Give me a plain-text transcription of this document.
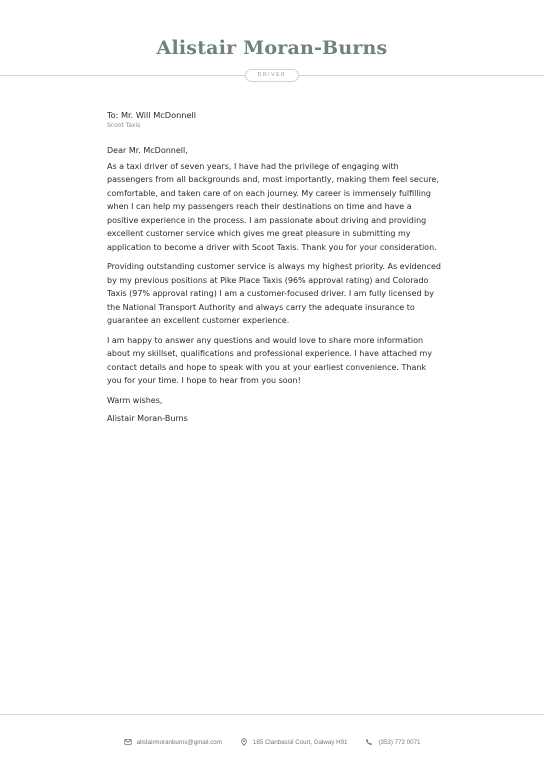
Alistair Moran-Burns
DRIVER

To: Mr. Will McDonnell

Scoot Taxis

Dear Mr. McDonnell,

As a taxi driver of seven years, I have had the privilege of engaging with passengers from all backgrounds and, most importantly, making them feel secure, comfortable, and taken care of on each journey. My career is immensely fulfilling when I can help my passengers reach their destinations on time and have a positive experience in the process. I am passionate about driving and providing excellent customer service which gives me great pleasure in submitting my application to become a driver with Scoot Taxis. Thank you for your consideration.

Providing outstanding customer service is always my highest priority. As evidenced by my previous positions at Pike Place Taxis (96% approval rating) and Colorado Taxis (97% approval rating) I am a customer-focused driver. I am fully licensed by the National Transport Authority and always carry the adequate insurance to guarantee an excellent customer experience.

I am happy to answer any questions and would love to share more information about my skillset, qualifications and professional experience. I have attached my contact details and hope to speak with you at your earliest convenience. Thank you for your time. I hope to hear from you soon!

Warm wishes,

Alistair Moran-Burns

alistairmoranburns@gmail.com	185 Clanbassil Court, Galway H91	(353) 772 0071
